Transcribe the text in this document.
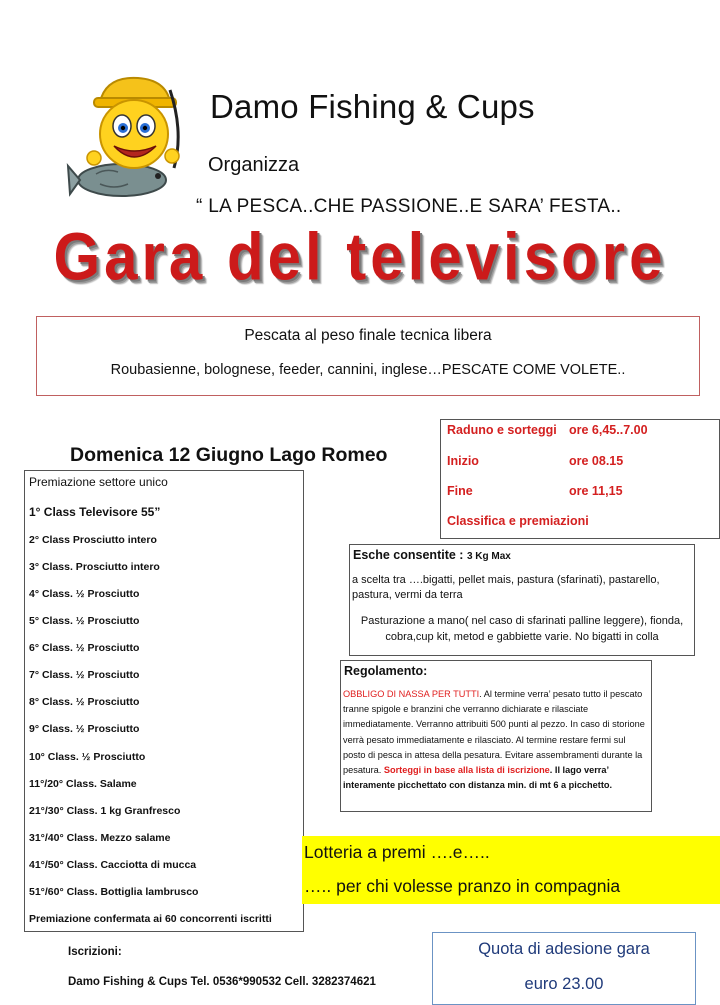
Damo Fishing & Cups
Organizza
“ LA PESCA..CHE PASSIONE..E SARA’ FESTA..
Gara del televisore
Pescata al peso finale tecnica libera
Roubasienne, bolognese, feeder, cannini, inglese…PESCATE COME VOLETE..
Domenica 12 Giugno Lago Romeo
Raduno e sorteggi ore 6,45..7.00
Inizio	ore 08.15
Fine	ore 11,15
Classifica e premiazioni
Premiazione settore unico
1° Class Televisore 55”
2° Class Prosciutto intero
3° Class. Prosciutto intero
4° Class. ½ Prosciutto
5° Class. ½ Prosciutto
6° Class. ½ Prosciutto
7° Class. ½ Prosciutto
8° Class. ½ Prosciutto
9° Class. ½ Prosciutto
10° Class. ½ Prosciutto
11°/20° Class. Salame
21°/30° Class. 1 kg Granfresco
31°/40° Class. Mezzo salame
41°/50° Class. Cacciotta di mucca
51°/60° Class. Bottiglia lambrusco
Premiazione confermata ai 60 concorrenti iscritti
Esche consentite : 3 Kg Max
a scelta tra ….bigatti, pellet mais, pastura (sfarinati), pastarello, pastura, vermi da terra
Pasturazione a mano( nel caso di sfarinati palline leggere), fionda, cobra,cup kit, metod e gabbiette varie. No bigatti in colla
Regolamento:
OBBLIGO DI NASSA PER TUTTI. Al termine verra’ pesato tutto il pescato tranne spigole e branzini che verranno dichiarate e rilasciate immediatamente. Verranno attribuiti 500 punti al pezzo. In caso di storione verrà pesato immediatamente e rilasciato. Al termine restare fermi sul posto di pesca in attesa della pesatura. Evitare assembramenti durante la pesatura. Sorteggi in base alla lista di iscrizione. Il lago verra’ interamente picchettato con distanza min. di mt 6 a picchetto.
Lotteria a premi ….e…..
….. per chi volesse pranzo in compagnia
Iscrizioni:
Damo Fishing & Cups Tel. 0536*990532 Cell. 3282374621
Quota di adesione gara
euro 23.00
